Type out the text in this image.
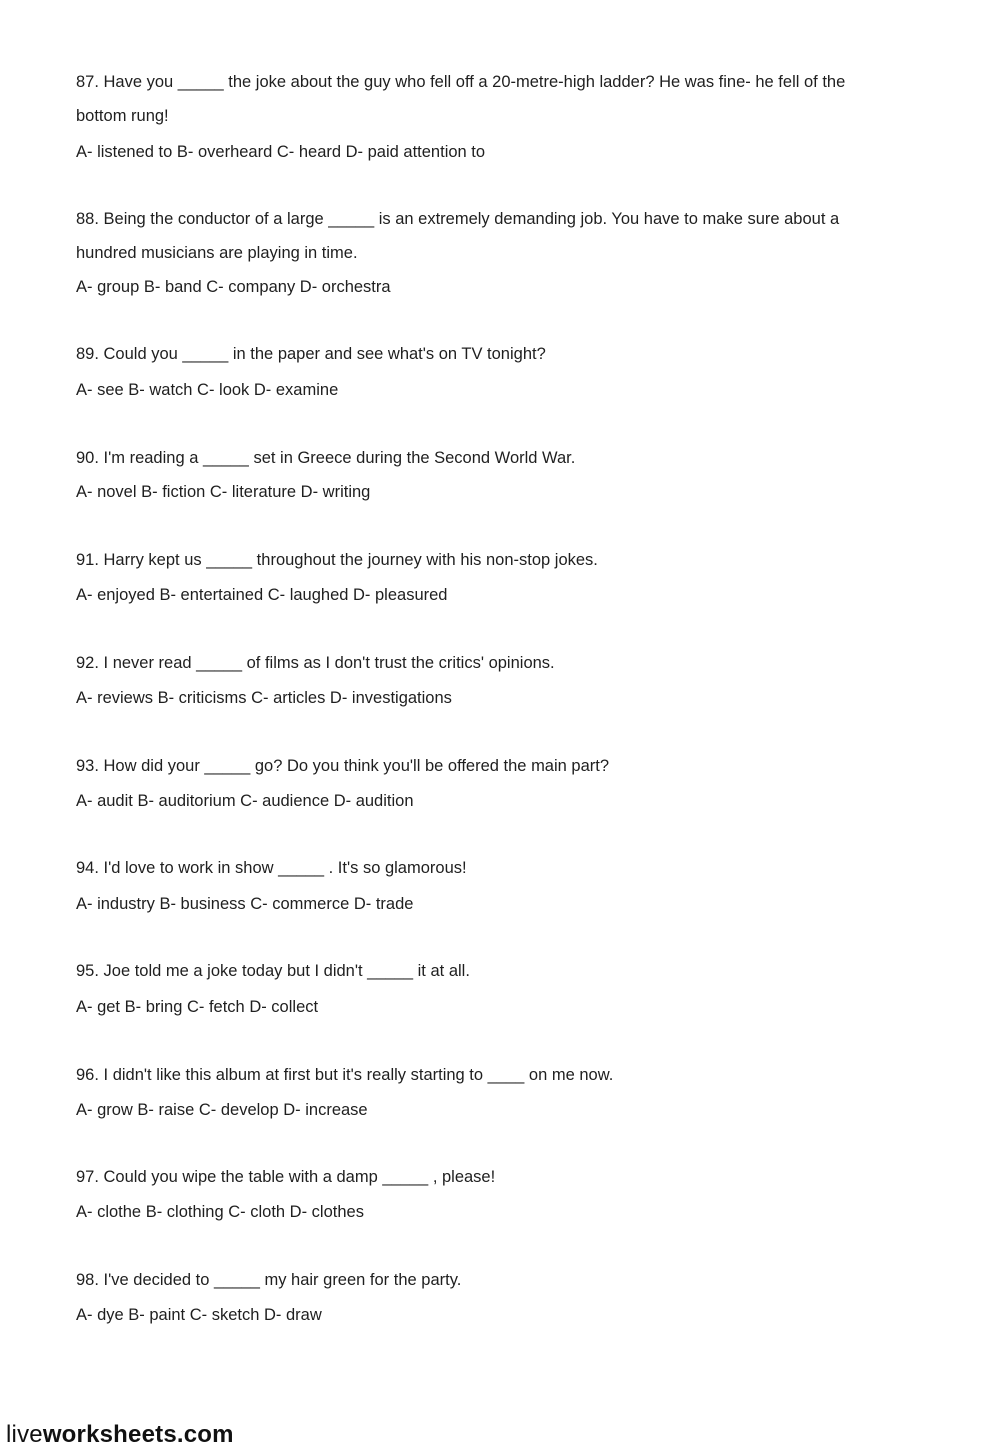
87. Have you _____ the joke about the guy who fell off a 20-metre-high ladder? He was fine- he fell of the
bottom rung!
A- listened to B- overheard C- heard D- paid attention to
88. Being the conductor of a large _____ is an extremely demanding job. You have to make sure about a
hundred musicians are playing in time.
A- group B- band C- company D- orchestra
89. Could you _____ in the paper and see what's on TV tonight?
A- see B- watch C- look D- examine
90. I'm reading a _____ set in Greece during the Second World War.
A- novel B- fiction C- literature D- writing
91. Harry kept us _____ throughout the journey with his non-stop jokes.
A- enjoyed B- entertained C- laughed D- pleasured
92. I never read _____ of films as I don't trust the critics' opinions.
A- reviews B- criticisms C- articles D- investigations
93. How did your _____ go? Do you think you'll be offered the main part?
A- audit B- auditorium C- audience D- audition
94. I'd love to work in show _____ . It's so glamorous!
A- industry B- business C- commerce D- trade
95. Joe told me a joke today but I didn't _____ it at all.
A- get B- bring C- fetch D- collect
96. I didn't like this album at first but it's really starting to ____ on me now.
A- grow B- raise C- develop D- increase
97. Could you wipe the table with a damp _____ , please!
A- clothe B- clothing C- cloth D- clothes
98. I've decided to _____ my hair green for the party.
A- dye B- paint C- sketch D- draw
liveworksheets.com
